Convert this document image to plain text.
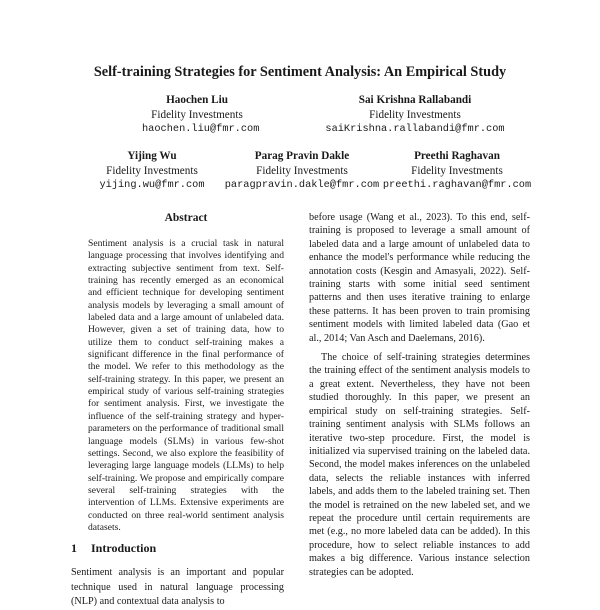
Self-training Strategies for Sentiment Analysis: An Empirical Study
Haochen Liu
Fidelity Investments
haochen.liu@fmr.com
Sai Krishna Rallabandi
Fidelity Investments
saiKrishna.rallabandi@fmr.com
Yijing Wu
Fidelity Investments
yijing.wu@fmr.com
Parag Pravin Dakle
Fidelity Investments
paragpravin.dakle@fmr.com
Preethi Raghavan
Fidelity Investments
preethi.raghavan@fmr.com
Abstract
Sentiment analysis is a crucial task in natural language processing that involves identifying and extracting subjective sentiment from text. Self-training has recently emerged as an economical and efficient technique for developing sentiment analysis models by leveraging a small amount of labeled data and a large amount of unlabeled data. However, given a set of training data, how to utilize them to conduct self-training makes a significant difference in the final performance of the model. We refer to this methodology as the self-training strategy. In this paper, we present an empirical study of various self-training strategies for sentiment analysis. First, we investigate the influence of the self-training strategy and hyper-parameters on the performance of traditional small language models (SLMs) in various few-shot settings. Second, we also explore the feasibility of leveraging large language models (LLMs) to help self-training. We propose and empirically compare several self-training strategies with the intervention of LLMs. Extensive experiments are conducted on three real-world sentiment analysis datasets.
1 Introduction
Sentiment analysis is an important and popular technique used in natural language processing (NLP) and contextual data analysis to

before usage (Wang et al., 2023). To this end, self-training is proposed to leverage a small amount of labeled data and a large amount of unlabeled data to enhance the model's performance while reducing the annotation costs (Kesgin and Amasyali, 2022). Self-training starts with some initial seed sentiment patterns and then uses iterative training to enlarge these patterns. It has been proven to train promising sentiment models with limited labeled data (Gao et al., 2014; Van Asch and Daelemans, 2016).

The choice of self-training strategies determines the training effect of the sentiment analysis models to a great extent. Nevertheless, they have not been studied thoroughly. In this paper, we present an empirical study on self-training strategies. Self-training sentiment analysis with SLMs follows an iterative two-step procedure. First, the model is initialized via supervised training on the labeled data. Second, the model makes inferences on the unlabeled data, selects the reliable instances with inferred labels, and adds them to the labeled training set. Then the model is retrained on the new labeled set, and we repeat the procedure until certain requirements are met (e.g., no more labeled data can be added). In this procedure, how to select reliable instances to add makes a big difference. Various instance selection strategies can be adopted.
